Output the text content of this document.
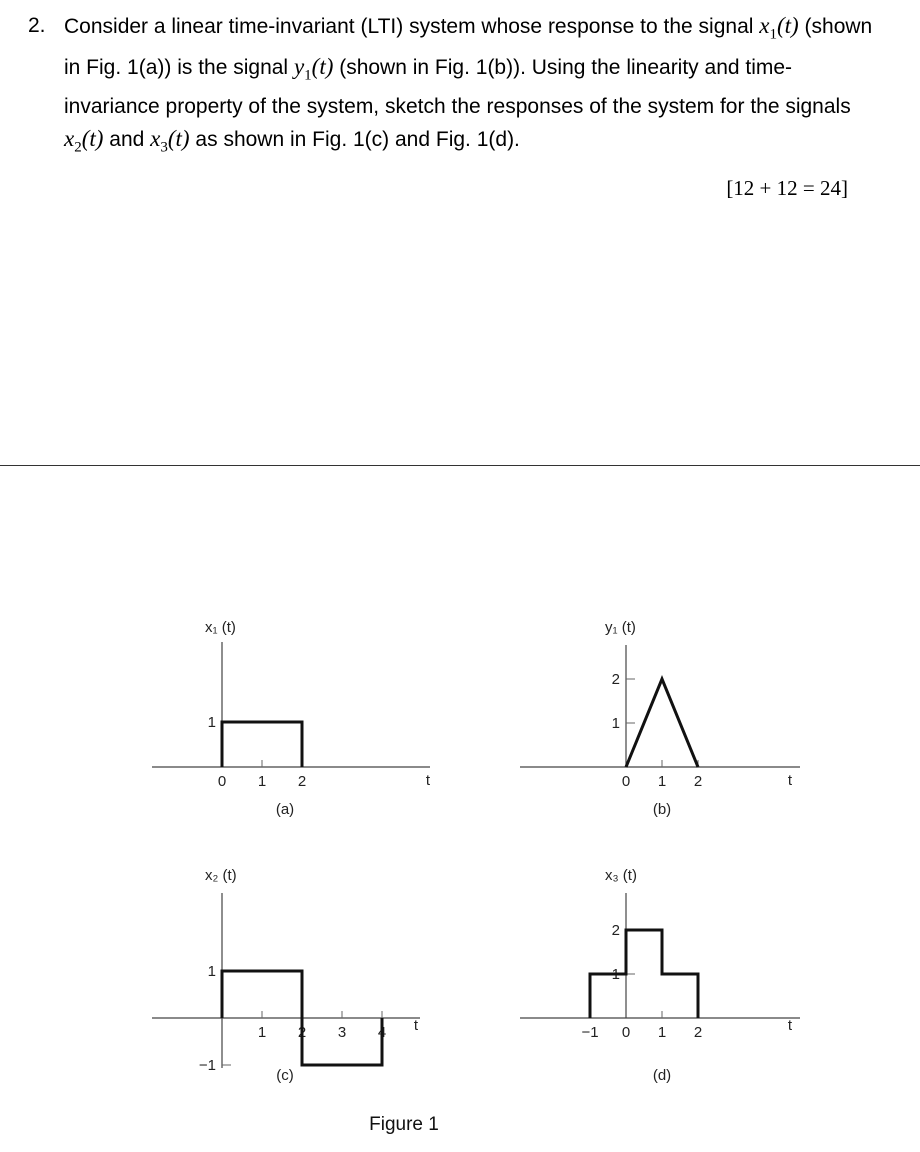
2. Consider a linear time-invariant (LTI) system whose response to the signal $x_1(t)$ (shown in Fig. 1(a)) is the signal $y_1(t)$ (shown in Fig. 1(b)). Using the linearity and time-invariance property of the system, sketch the responses of the system for the signals $x_2(t)$ and $x_3(t)$ as shown in Fig. 1(c) and Fig. 1(d).
[12 + 12 = 24]
x₁ (t)
t
0 1 2
1
(a)
y₁ (t)
t
0 1 2
1
2
(b)
x₂ (t)
t
1 2 3 4
1
−1
(c)
x₃ (t)
t
−1 0 1 2
1
2
(d)
Figure 1
